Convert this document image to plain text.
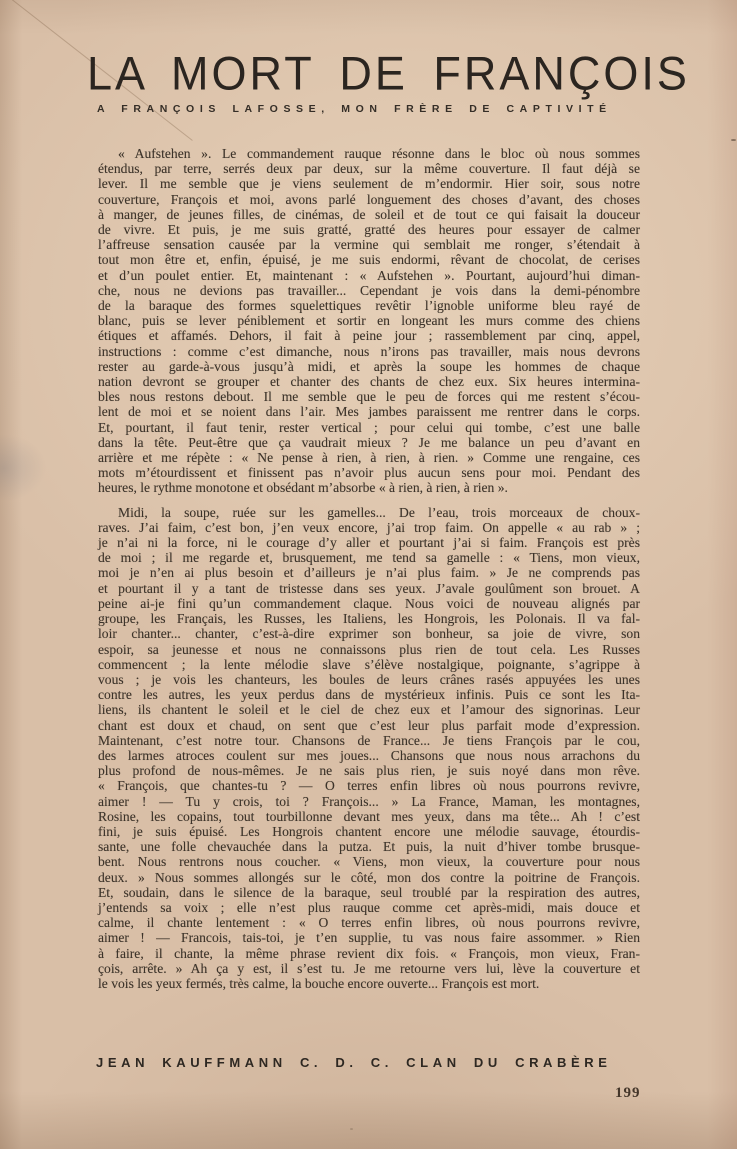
LA MORT DE FRANÇOIS
A FRANÇOIS LAFOSSE, MON FRÈRE DE CAPTIVITÉ
« Aufstehen ». Le commandement rauque résonne dans le bloc où nous sommes
étendus, par terre, serrés deux par deux, sur la même couverture. Il faut déjà se
lever. Il me semble que je viens seulement de m’endormir. Hier soir, sous notre
couverture, François et moi, avons parlé longuement des choses d’avant, des choses
à manger, de jeunes filles, de cinémas, de soleil et de tout ce qui faisait la douceur
de vivre. Et puis, je me suis gratté, gratté des heures pour essayer de calmer
l’affreuse sensation causée par la vermine qui semblait me ronger, s’étendait à
tout mon être et, enfin, épuisé, je me suis endormi, rêvant de chocolat, de cerises
et d’un poulet entier. Et, maintenant : « Aufstehen ». Pourtant, aujourd’hui diman-
che, nous ne devions pas travailler... Cependant je vois dans la demi-pénombre
de la baraque des formes squelettiques revêtir l’ignoble uniforme bleu rayé de
blanc, puis se lever péniblement et sortir en longeant les murs comme des chiens
étiques et affamés. Dehors, il fait à peine jour ; rassemblement par cinq, appel,
instructions : comme c’est dimanche, nous n’irons pas travailler, mais nous devrons
rester au garde-à-vous jusqu’à midi, et après la soupe les hommes de chaque
nation devront se grouper et chanter des chants de chez eux. Six heures intermina-
bles nous restons debout. Il me semble que le peu de forces qui me restent s’écou-
lent de moi et se noient dans l’air. Mes jambes paraissent me rentrer dans le corps.
Et, pourtant, il faut tenir, rester vertical ; pour celui qui tombe, c’est une balle
dans la tête. Peut-être que ça vaudrait mieux ? Je me balance un peu d’avant en
arrière et me répète : « Ne pense à rien, à rien, à rien. » Comme une rengaine, ces
mots m’étourdissent et finissent pas n’avoir plus aucun sens pour moi. Pendant des
heures, le rythme monotone et obsédant m’absorbe « à rien, à rien, à rien ».
Midi, la soupe, ruée sur les gamelles... De l’eau, trois morceaux de choux-
raves. J’ai faim, c’est bon, j’en veux encore, j’ai trop faim. On appelle « au rab » ;
je n’ai ni la force, ni le courage d’y aller et pourtant j’ai si faim. François est près
de moi ; il me regarde et, brusquement, me tend sa gamelle : « Tiens, mon vieux,
moi je n’en ai plus besoin et d’ailleurs je n’ai plus faim. » Je ne comprends pas
et pourtant il y a tant de tristesse dans ses yeux. J’avale goulûment son brouet. A
peine ai-je fini qu’un commandement claque. Nous voici de nouveau alignés par
groupe, les Français, les Russes, les Italiens, les Hongrois, les Polonais. Il va fal-
loir chanter... chanter, c’est-à-dire exprimer son bonheur, sa joie de vivre, son
espoir, sa jeunesse et nous ne connaissons plus rien de tout cela. Les Russes
commencent ; la lente mélodie slave s’élève nostalgique, poignante, s’agrippe à
vous ; je vois les chanteurs, les boules de leurs crânes rasés appuyées les unes
contre les autres, les yeux perdus dans de mystérieux infinis. Puis ce sont les Ita-
liens, ils chantent le soleil et le ciel de chez eux et l’amour des signorinas. Leur
chant est doux et chaud, on sent que c’est leur plus parfait mode d’expression.
Maintenant, c’est notre tour. Chansons de France... Je tiens François par le cou,
des larmes atroces coulent sur mes joues... Chansons que nous nous arrachons du
plus profond de nous-mêmes. Je ne sais plus rien, je suis noyé dans mon rêve.
« François, que chantes-tu ? — O terres enfin libres où nous pourrons revivre,
aimer ! — Tu y crois, toi ? François... » La France, Maman, les montagnes,
Rosine, les copains, tout tourbillonne devant mes yeux, dans ma tête... Ah ! c’est
fini, je suis épuisé. Les Hongrois chantent encore une mélodie sauvage, étourdis-
sante, une folle chevauchée dans la putza. Et puis, la nuit d’hiver tombe brusque-
bent. Nous rentrons nous coucher. « Viens, mon vieux, la couverture pour nous
deux. » Nous sommes allongés sur le côté, mon dos contre la poitrine de François.
Et, soudain, dans le silence de la baraque, seul troublé par la respiration des autres,
j’entends sa voix ; elle n’est plus rauque comme cet après-midi, mais douce et
calme, il chante lentement : « O terres enfin libres, où nous pourrons revivre,
aimer ! — Francois, tais-toi, je t’en supplie, tu vas nous faire assommer. » Rien
à faire, il chante, la même phrase revient dix fois. « François, mon vieux, Fran-
çois, arrête. » Ah ça y est, il s’est tu. Je me retourne vers lui, lève la couverture et
le vois les yeux fermés, très calme, la bouche encore ouverte... François est mort.
JEAN KAUFFMANN C. D. C. CLAN DU CRABÈRE
199
